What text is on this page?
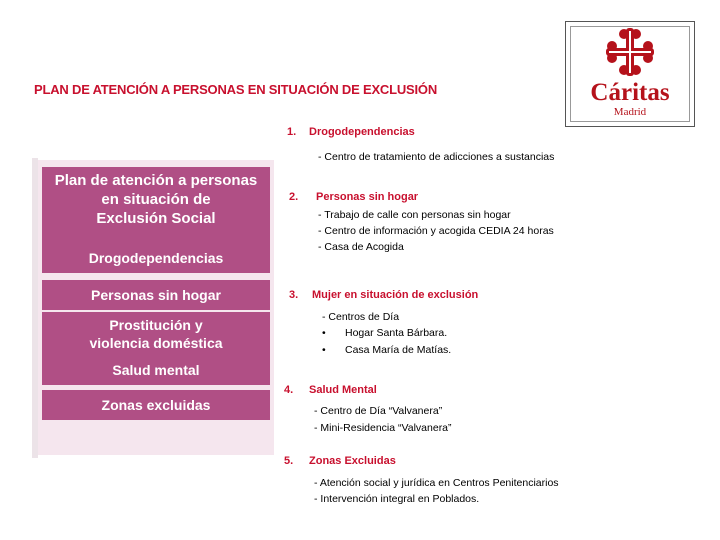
PLAN DE ATENCIÓN A PERSONAS EN SITUACIÓN DE EXCLUSIÓN	Cáritas
Madrid
Plan de atención a personas
en situación de
Exclusión Social
Drogodependencias
Personas sin hogar
Prostitución y
violencia doméstica
Salud mental
Zonas excluidas
1. Drogodependencias
- Centro de tratamiento de adicciones a sustancias
2. Personas sin hogar
- Trabajo de calle con personas sin hogar
- Centro de información y acogida CEDIA 24 horas
- Casa de Acogida
3. Mujer en situación de exclusión
- Centros de Día
• Hogar Santa Bárbara.
• Casa María de Matías.
4. Salud Mental
- Centro de Día “Valvanera”
- Mini-Residencia “Valvanera”
5. Zonas Excluidas
- Atención social y jurídica en Centros Penitenciarios
- Intervención integral en Poblados.
